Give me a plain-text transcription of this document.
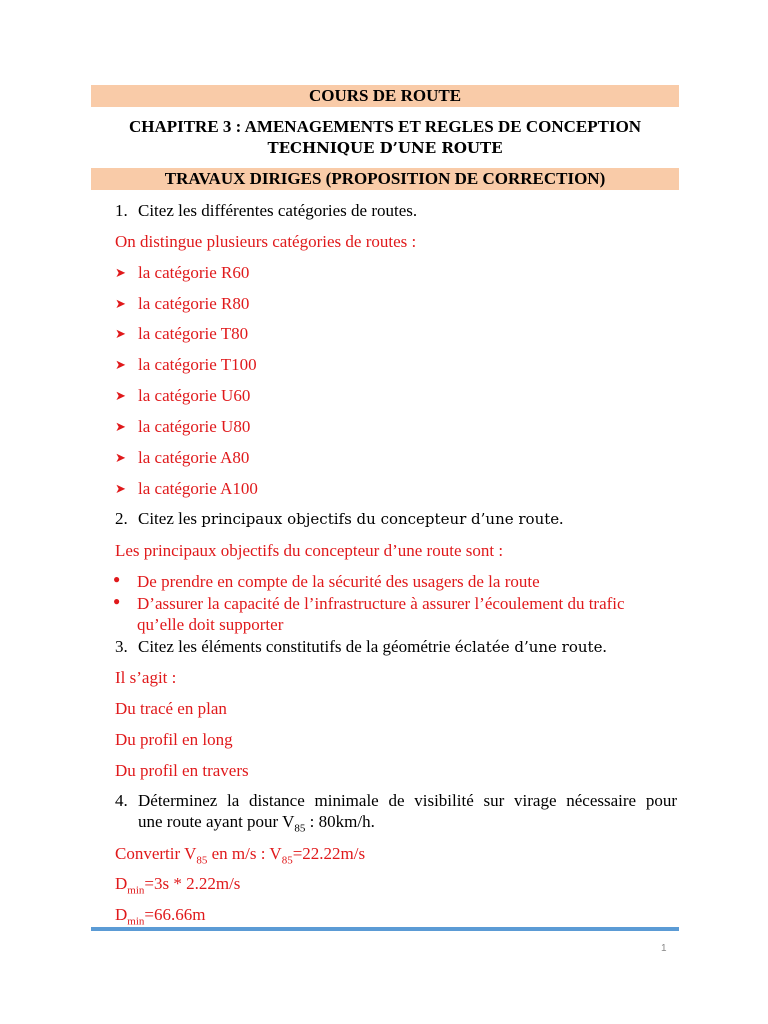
COURS DE ROUTE
CHAPITRE 3 : AMENAGEMENTS ET REGLES DE CONCEPTION
TECHNIQUE D’UNE ROUTE
TRAVAUX DIRIGES (PROPOSITION DE CORRECTION)
1. Citez les différentes catégories de routes.
On distingue plusieurs catégories de routes :
➤ la catégorie R60
➤ la catégorie R80
➤ la catégorie T80
➤ la catégorie T100
➤ la catégorie U60
➤ la catégorie U80
➤ la catégorie A80
➤ la catégorie A100
2. Citez les principaux objectifs du concepteur d’une route.
Les principaux objectifs du concepteur d’une route sont :
● De prendre en compte de la sécurité des usagers de la route
● D’assurer la capacité de l’infrastructure à assurer l’écoulement du trafic
qu’elle doit supporter
3. Citez les éléments constitutifs de la géométrie éclatée d’une route.
Il s’agit :
Du tracé en plan
Du profil en long
Du profil en travers
4. Déterminez la distance minimale de visibilité sur virage nécessaire pour
une route ayant pour $V_{85}$ : 80km/h.
Convertir $V_{85}$ en m/s : $V_{85}=22.22m/s$
$D_{min}=3s * 2.22m/s$
$D_{min}=66.66m$
1
